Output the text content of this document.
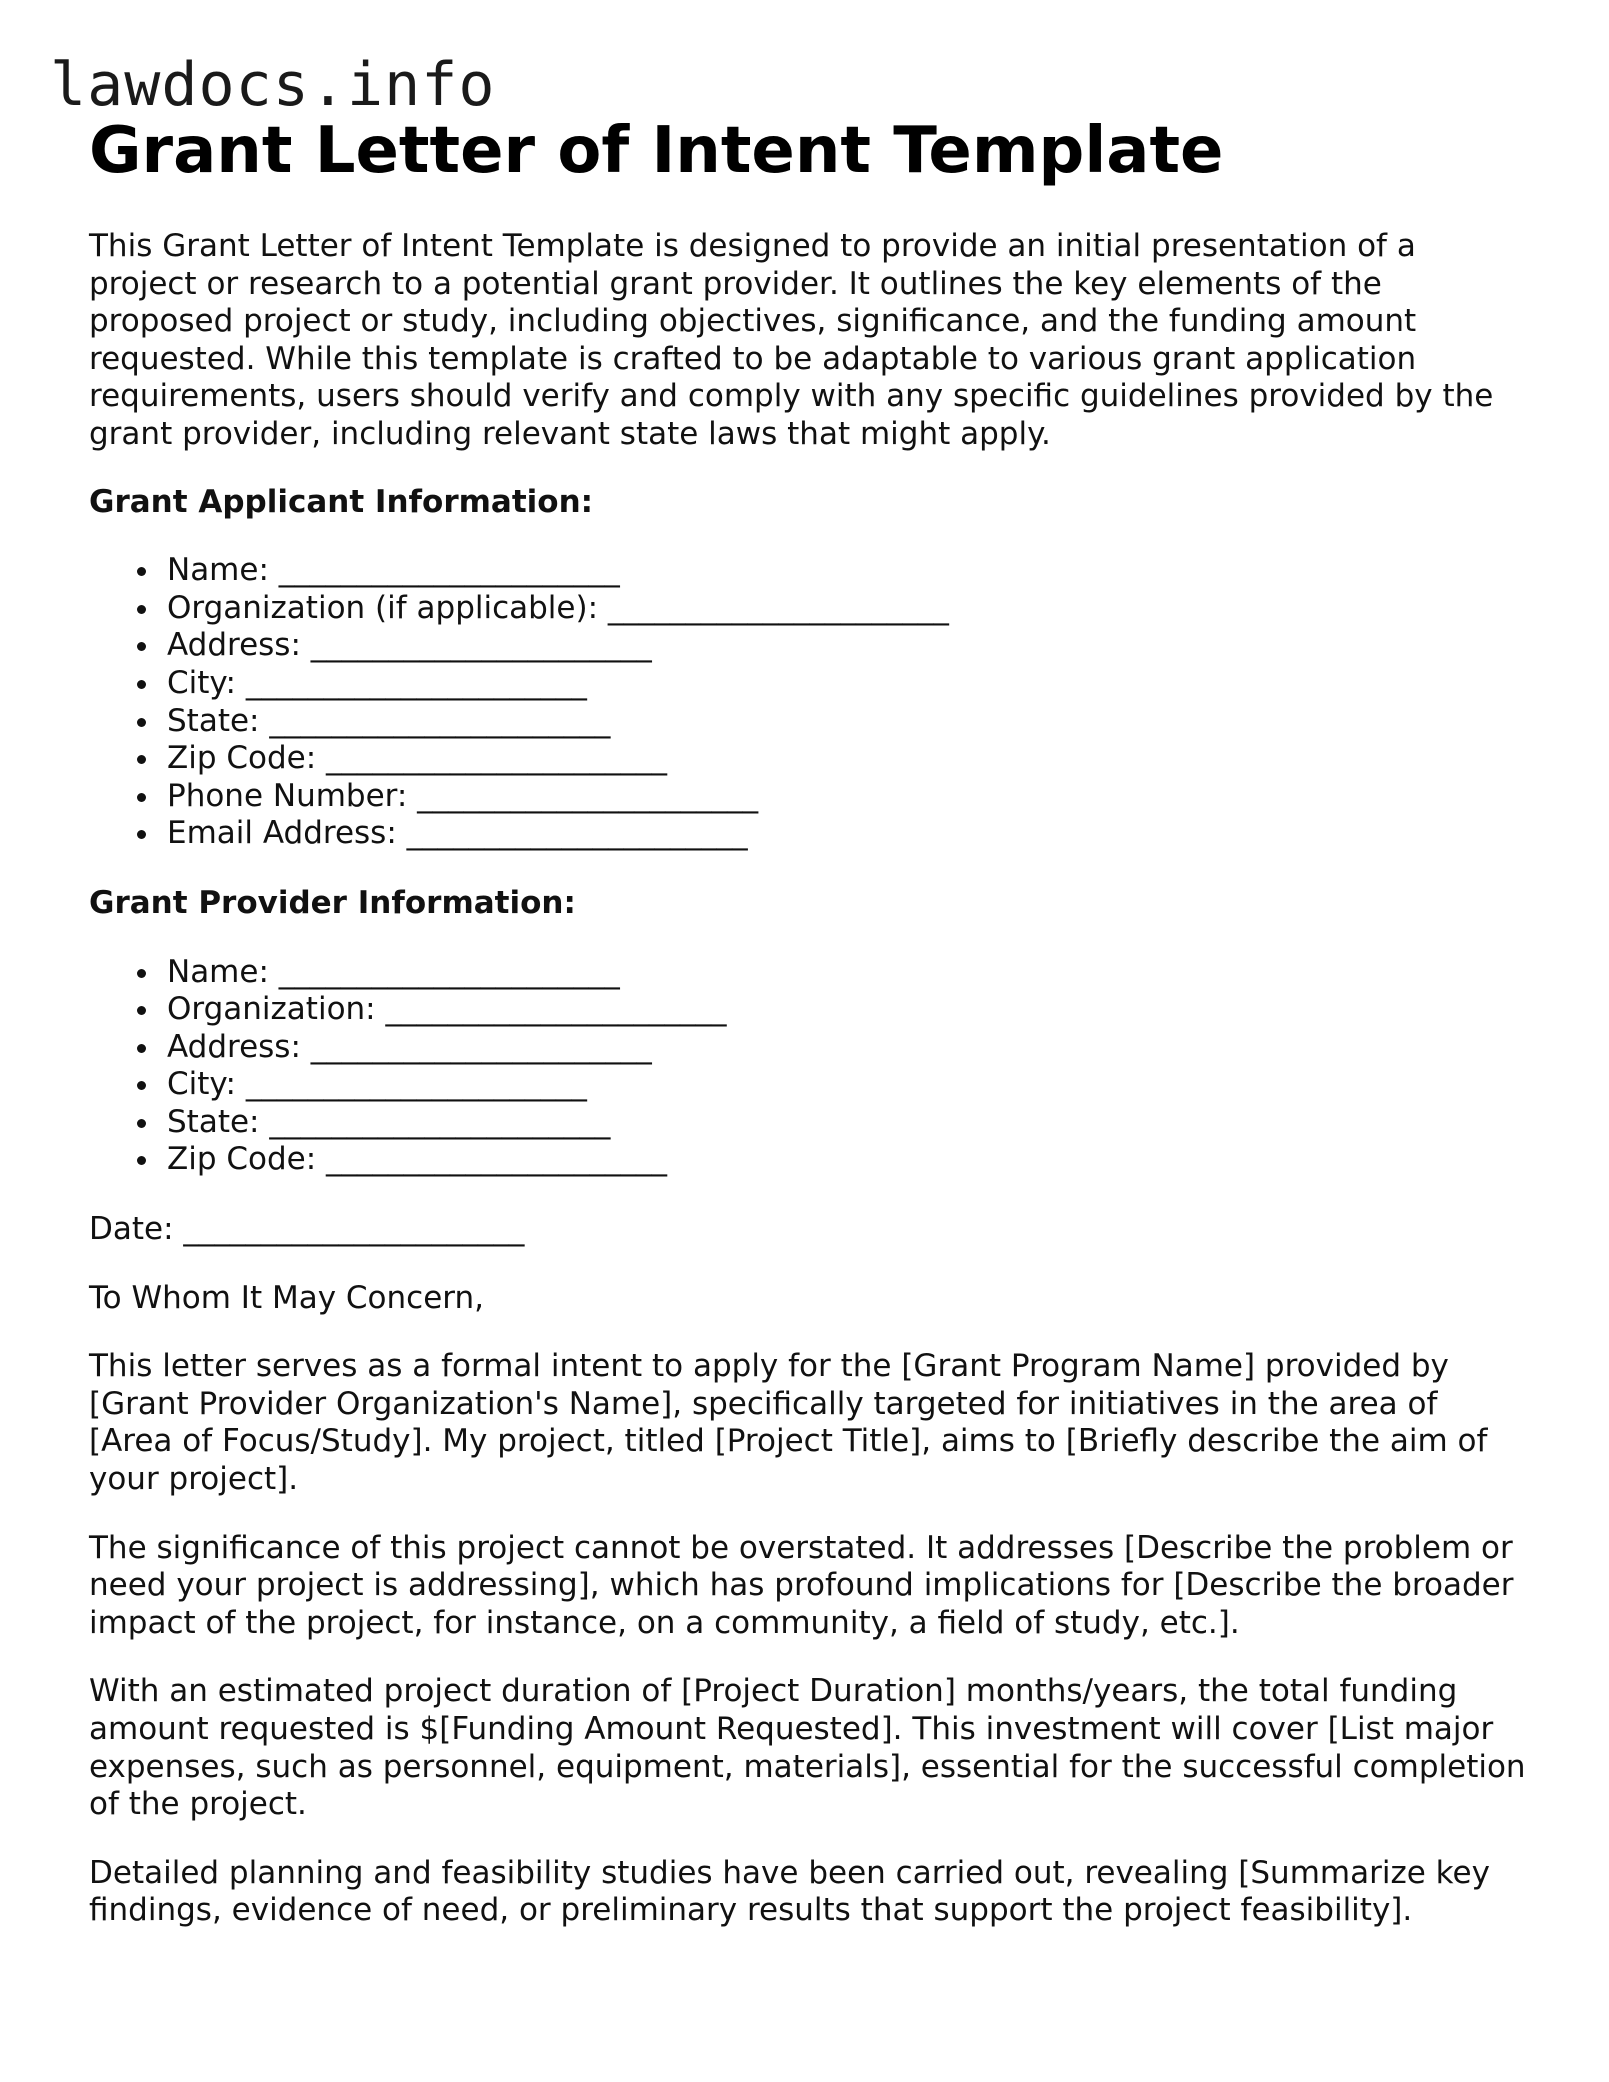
lawdocs.info
Grant Letter of Intent Template

This Grant Letter of Intent Template is designed to provide an initial presentation of a project or research to a potential grant provider. It outlines the key elements of the proposed project or study, including objectives, significance, and the funding amount requested. While this template is crafted to be adaptable to various grant application requirements, users should verify and comply with any specific guidelines provided by the grant provider, including relevant state laws that might apply.

Grant Applicant Information:
Name: ______________________
Organization (if applicable): ______________________
Address: ______________________
City: ______________________
State: ______________________
Zip Code: ______________________
Phone Number: ______________________
Email Address: ______________________
Grant Provider Information:
Name: ______________________
Organization: ______________________
Address: ______________________
City: ______________________
State: ______________________
Zip Code: ______________________

Date: ______________________

To Whom It May Concern,

This letter serves as a formal intent to apply for the [Grant Program Name] provided by [Grant Provider Organization's Name], specifically targeted for initiatives in the area of [Area of Focus/Study]. My project, titled [Project Title], aims to [Briefly describe the aim of your project].

The significance of this project cannot be overstated. It addresses [Describe the problem or need your project is addressing], which has profound implications for [Describe the broader impact of the project, for instance, on a community, a field of study, etc.].

With an estimated project duration of [Project Duration] months/years, the total funding amount requested is $[Funding Amount Requested]. This investment will cover [List major expenses, such as personnel, equipment, materials], essential for the successful completion of the project.

Detailed planning and feasibility studies have been carried out, revealing [Summarize key findings, evidence of need, or preliminary results that support the project feasibility].
